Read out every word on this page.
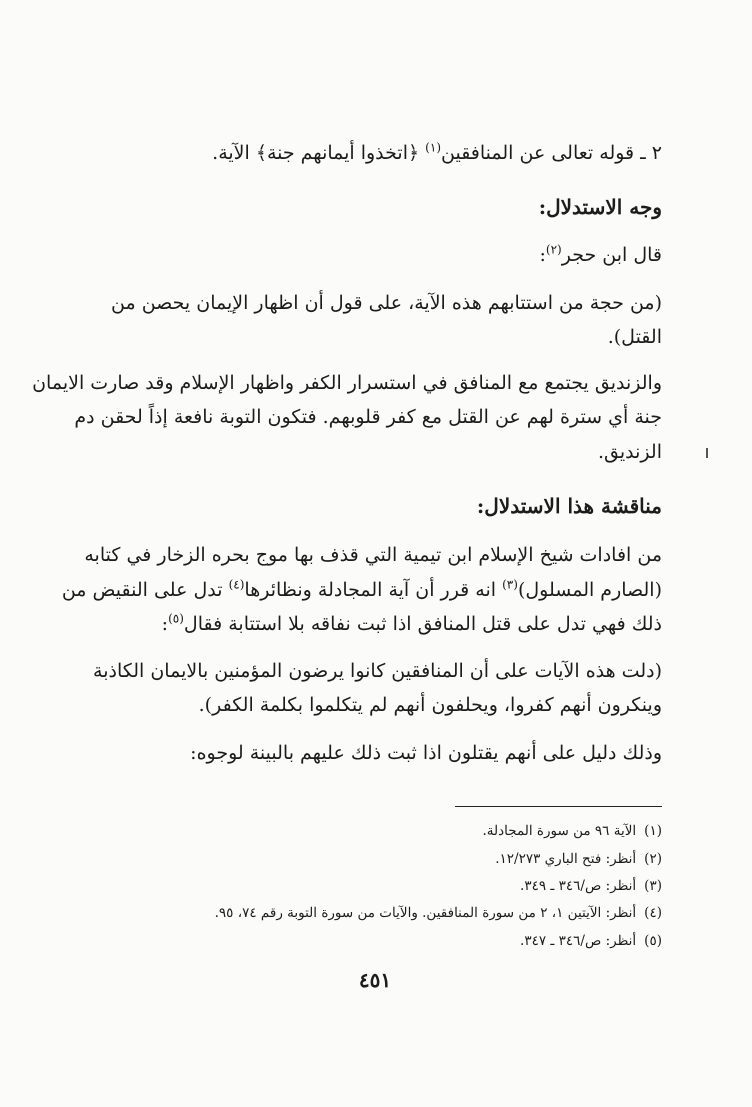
٢ ـ قوله تعالى عن المنافقين$^{(١)}$ ﴿اتخذوا أيمانهم جنة﴾ الآية.
وجه الاستدلال:
قال ابن حجر$^{(٢)}$:
(من حجة من استتابهم هذه الآية، على قول أن اظهار الإيمان يحصن من
القتل).
والزنديق يجتمع مع المنافق في استسرار الكفر واظهار الإسلام وقد صارت الايمان
جنة أي سترة لهم عن القتل مع كفر قلوبهم. فتكون التوبة نافعة إذاً لحقن دم
الزنديق.
مناقشة هذا الاستدلال:
من افادات شيخ الإسلام ابن تيمية التي قذف بها موج بحره الزخار في كتابه
(الصارم المسلول)$^{(٣)}$ انه قرر أن آية المجادلة ونظائرها$^{(٤)}$ تدل على النقيض من
ذلك فهي تدل على قتل المنافق اذا ثبت نفاقه بلا استتابة فقال$^{(٥)}$:
(دلت هذه الآيات على أن المنافقين كانوا يرضون المؤمنين بالايمان الكاذبة
وينكرون أنهم كفروا، ويحلفون أنهم لم يتكلموا بكلمة الكفر).
وذلك دليل على أنهم يقتلون اذا ثبت ذلك عليهم بالبينة لوجوه:
(١)الآية ٩٦ من سورة المجادلة.
(٢)أنظر: فتح الباري ١٢/٢٧٣.
(٣)أنظر: ص/٣٤٦ ـ ٣٤٩.
(٤)أنظر: الآيتين ١، ٢ من سورة المنافقين. والآيات من سورة التوبة رقم ٧٤، ٩٥.
(٥)أنظر: ص/٣٤٦ ـ ٣٤٧.
٤٥١
